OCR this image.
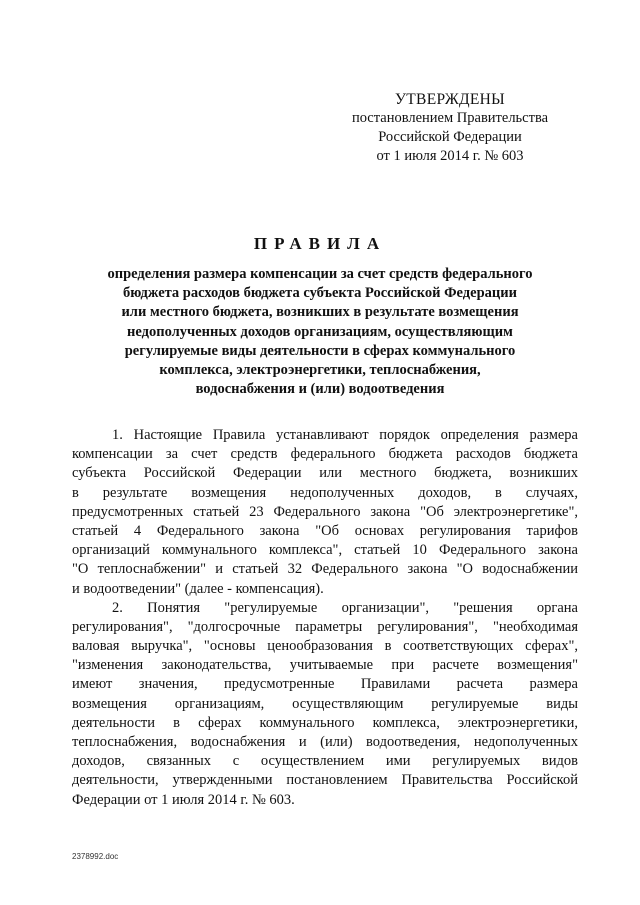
УТВЕРЖДЕНЫ
постановлением Правительства
Российской Федерации
от 1 июля 2014 г. № 603
ПРАВИЛА
определения размера компенсации за счет средств федерального
бюджета расходов бюджета субъекта Российской Федерации
или местного бюджета, возникших в результате возмещения
недополученных доходов организациям, осуществляющим
регулируемые виды деятельности в сферах коммунального
комплекса, электроэнергетики, теплоснабжения,
водоснабжения и (или) водоотведения
1. Настоящие Правила устанавливают порядок определения размера
компенсации за счет средств федерального бюджета расходов бюджета
субъекта Российской Федерации или местного бюджета, возникших
в результате возмещения недополученных доходов, в случаях,
предусмотренных статьей 23 Федерального закона "Об электроэнергетике",
статьей 4 Федерального закона "Об основах регулирования тарифов
организаций коммунального комплекса", статьей 10 Федерального закона
"О теплоснабжении" и статьей 32 Федерального закона "О водоснабжении
и водоотведении" (далее - компенсация).
2. Понятия "регулируемые организации", "решения органа
регулирования", "долгосрочные параметры регулирования", "необходимая
валовая выручка", "основы ценообразования в соответствующих сферах",
"изменения законодательства, учитываемые при расчете возмещения"
имеют значения, предусмотренные Правилами расчета размера
возмещения организациям, осуществляющим регулируемые виды
деятельности в сферах коммунального комплекса, электроэнергетики,
теплоснабжения, водоснабжения и (или) водоотведения, недополученных
доходов, связанных с осуществлением ими регулируемых видов
деятельности, утвержденными постановлением Правительства Российской
Федерации от 1 июля 2014 г. № 603.
2378992.doc
